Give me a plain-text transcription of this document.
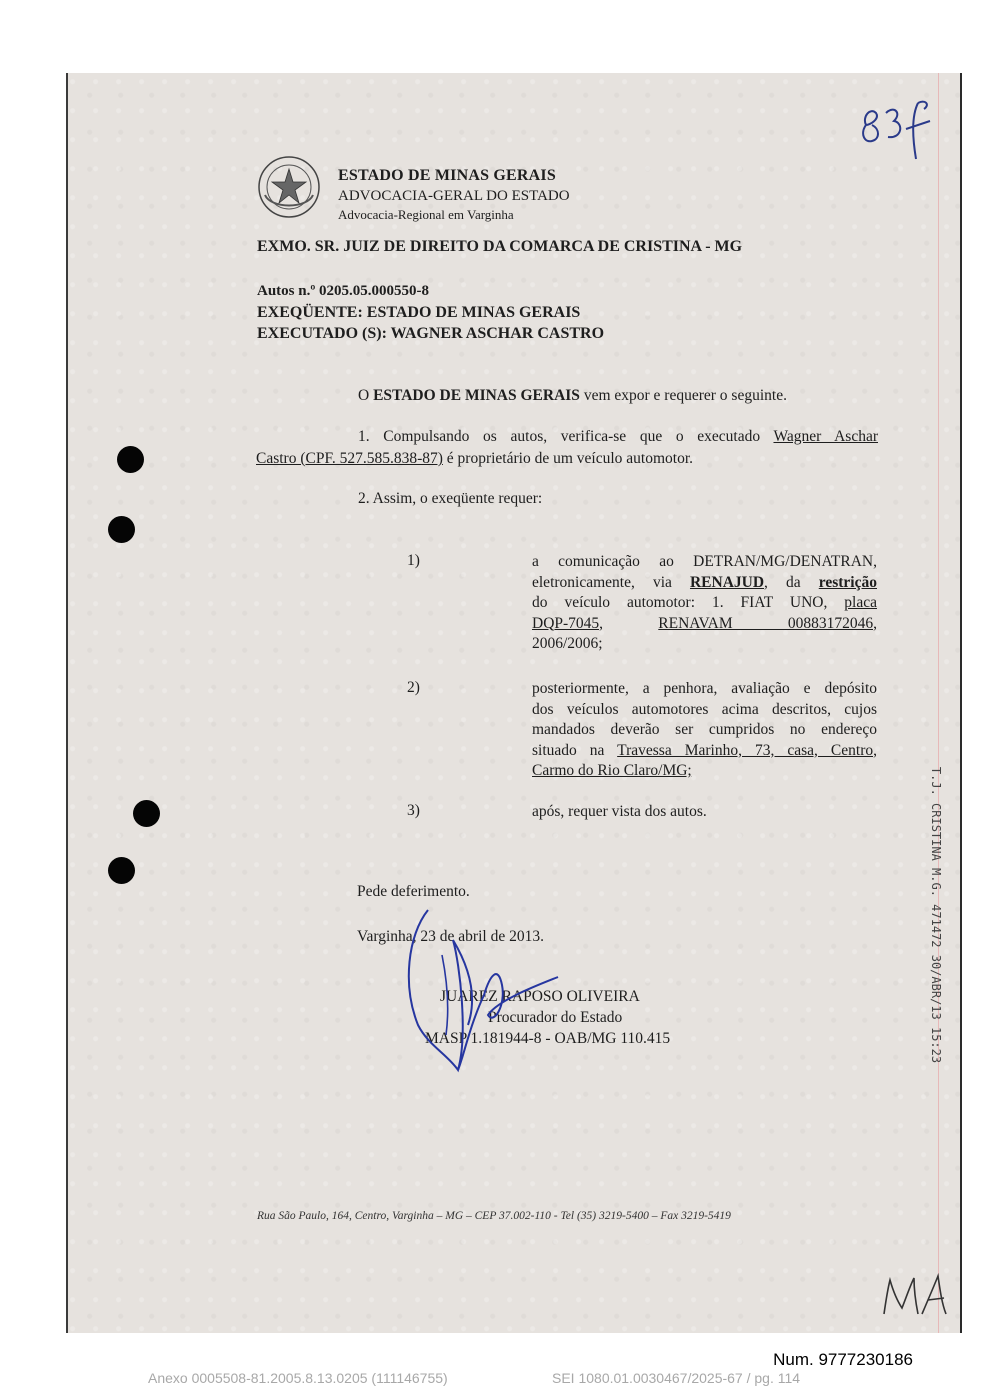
ESTADO DE MINAS GERAIS
ADVOCACIA-GERAL DO ESTADO
Advocacia-Regional em Varginha
EXMO. SR. JUIZ DE DIREITO DA COMARCA DE CRISTINA - MG
Autos n.º 0205.05.000550-8
EXEQÜENTE: ESTADO DE MINAS GERAIS
EXECUTADO (S): WAGNER ASCHAR CASTRO
O ESTADO DE MINAS GERAIS vem expor e requerer o seguinte.
1. Compulsando os autos, verifica-se que o executado Wagner Aschar
Castro (CPF. 527.585.838-87) é proprietário de um veículo automotor.
2. Assim, o exeqüente requer:
1)	a comunicação ao DETRAN/MG/DENATRAN,
eletronicamente, via RENAJUD, da restrição
do veículo automotor: 1. FIAT UNO, placa
DQP-7045,	RENAVAM 00883172046,
2006/2006;
2)	posteriormente, a penhora, avaliação e depósito
dos veículos automotores acima descritos, cujos
mandados deverão ser cumpridos no endereço
situado na Travessa Marinho, 73, casa, Centro,
Carmo do Rio Claro/MG;
3)	após, requer vista dos autos.
Pede deferimento.
Varginha, 23 de abril de 2013.
JUAREZ RAPOSO OLIVEIRA
Procurador do Estado
MASP 1.181944-8 - OAB/MG 110.415	T.J. CRISTINA M.G. 471472 30/ABR/13 15:23
Rua São Paulo, 164, Centro, Varginha – MG – CEP 37.002-110 - Tel (35) 3219-5400 – Fax 3219-5419
Num. 9777230186
Anexo 0005508-81.2005.8.13.0205 (111146755)	SEI 1080.01.0030467/2025-67 / pg. 114
